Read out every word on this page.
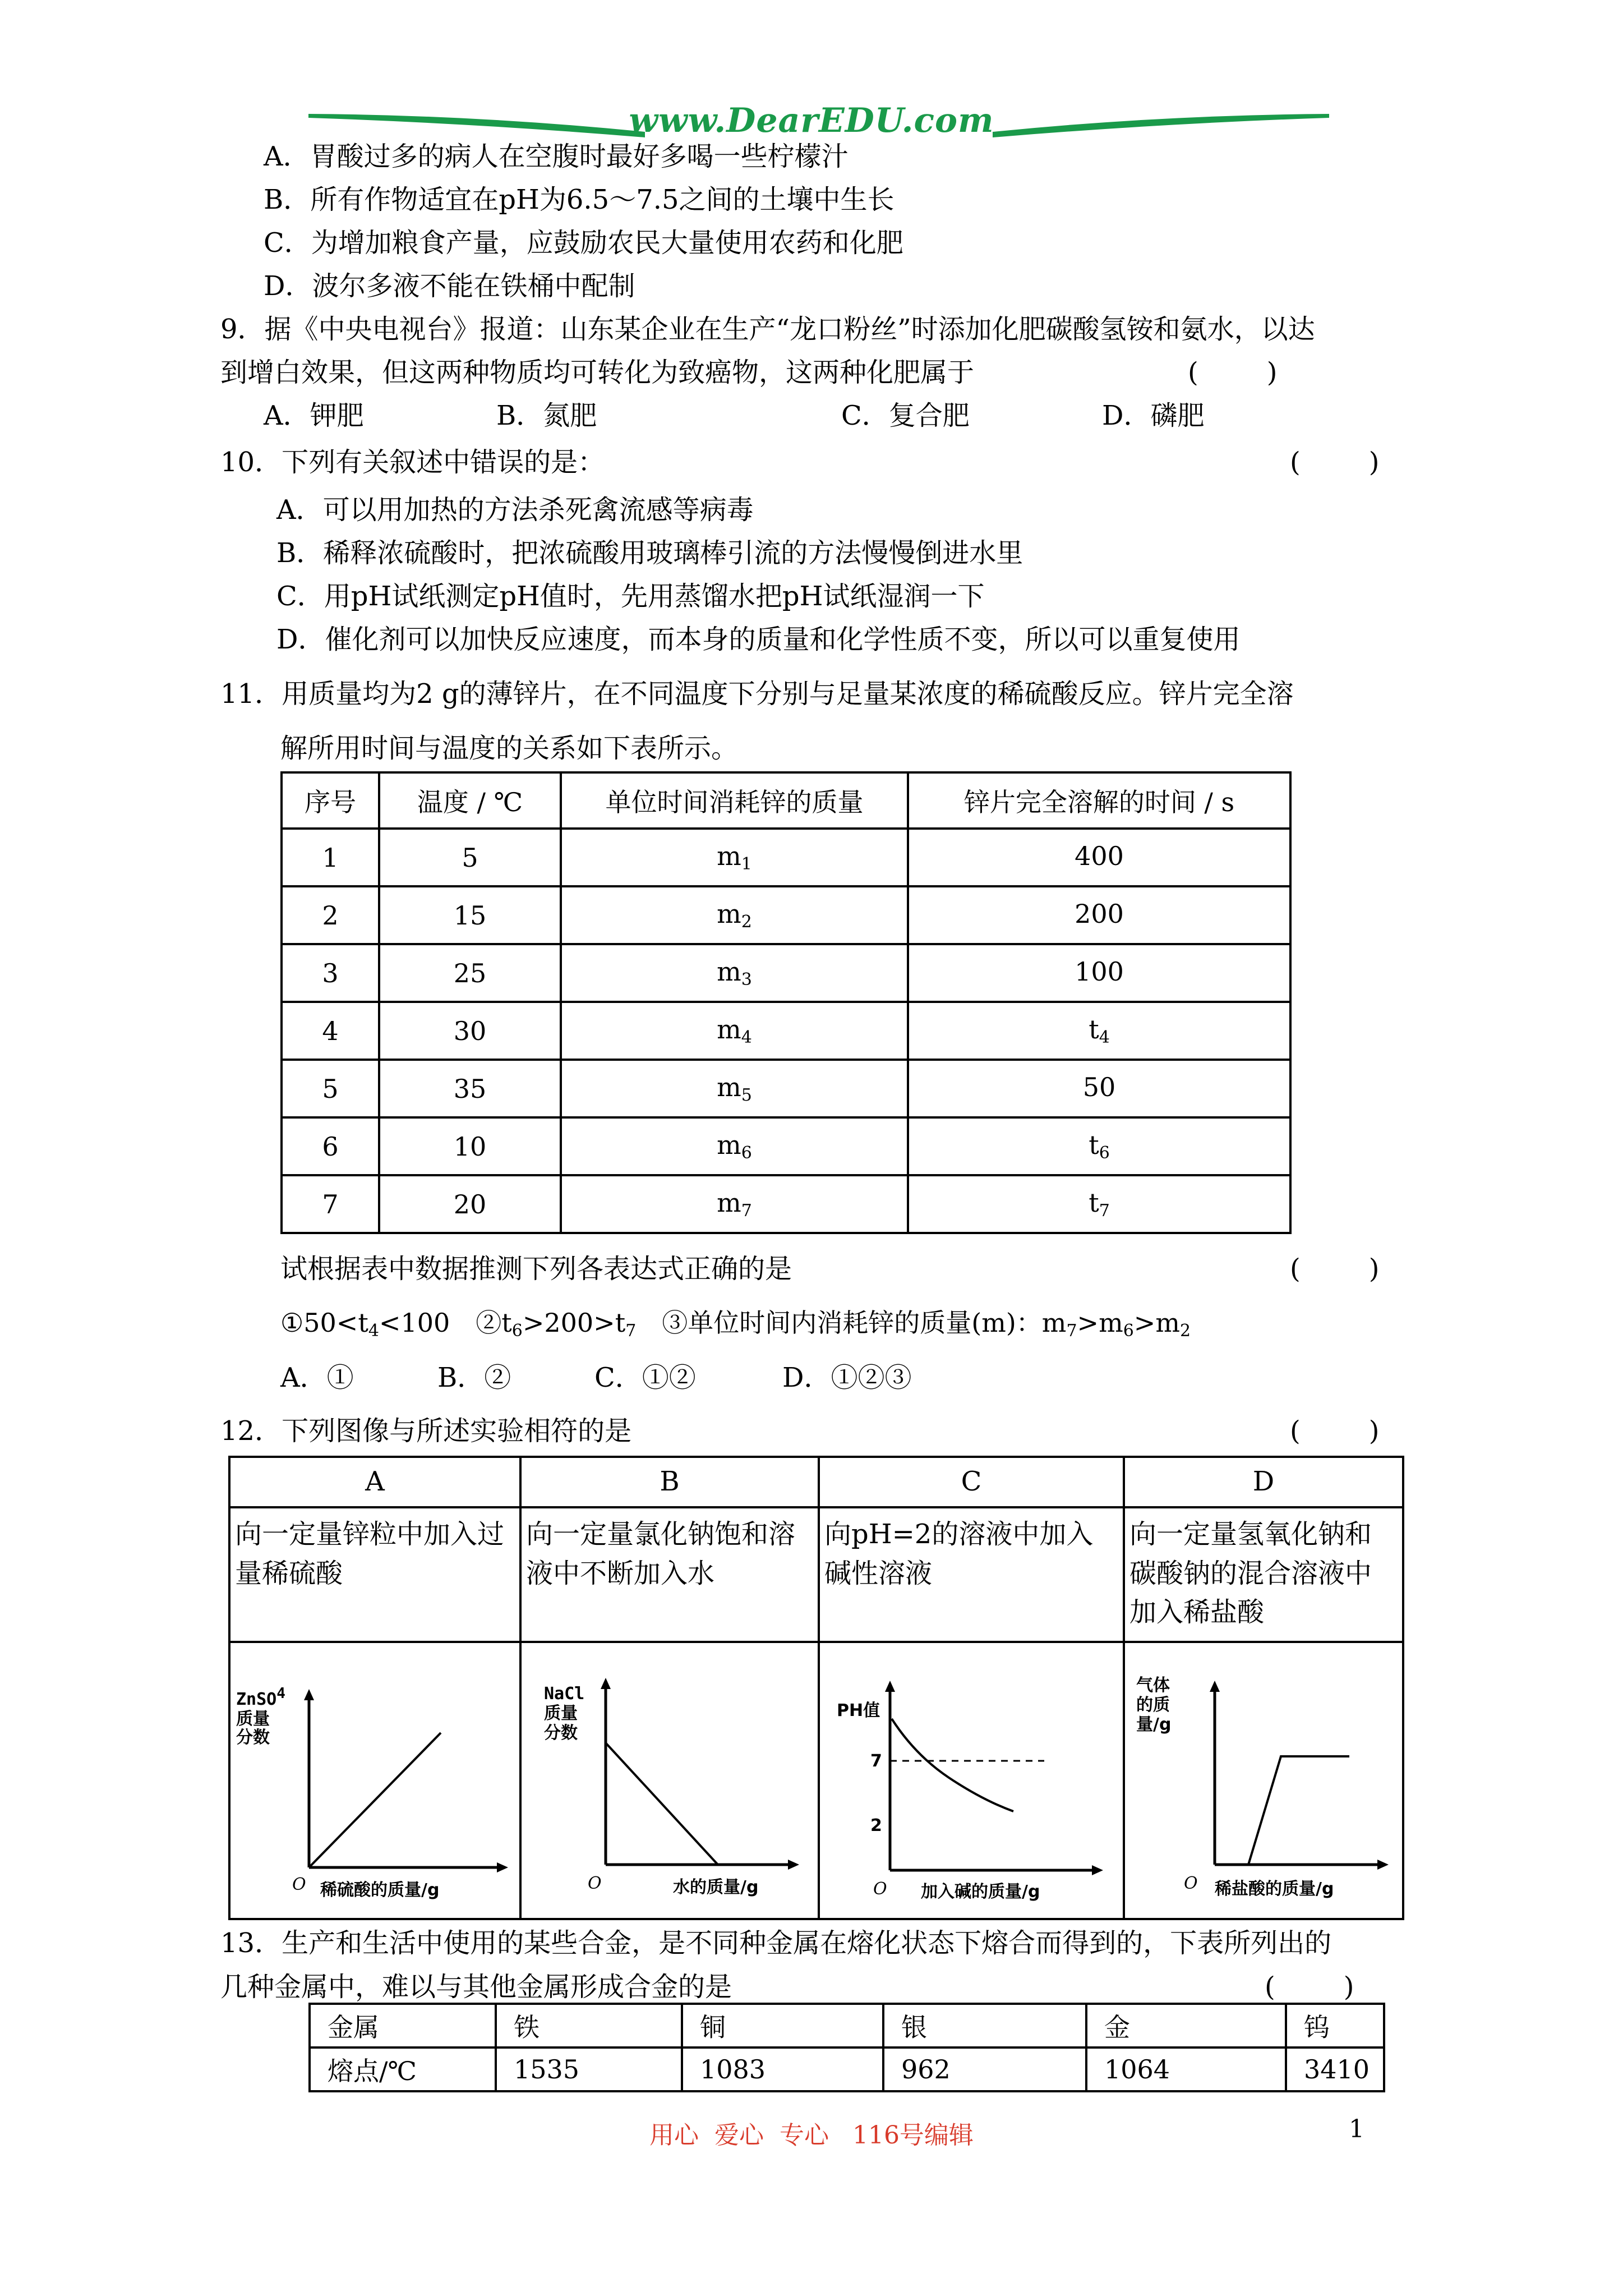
www.DearEDU.com
A．胃酸过多的病人在空腹时最好多喝一些柠檬汁
B．所有作物适宜在pH为6.5～7.5之间的土壤中生长
C．为增加粮食产量，应鼓励农民大量使用农药和化肥
D．波尔多液不能在铁桶中配制
9．据《中央电视台》报道：山东某企业在生产“龙口粉丝”时添加化肥碳酸氢铵和氨水，以达
到增白效果，但这两种物质均可转化为致癌物，这两种化肥属于	(        )
A．钾肥	B．氮肥	C．复合肥	D．磷肥
10．下列有关叙述中错误的是：	(        )
A．可以用加热的方法杀死禽流感等病毒
B．稀释浓硫酸时，把浓硫酸用玻璃棒引流的方法慢慢倒进水里
C．用pH试纸测定pH值时，先用蒸馏水把pH试纸湿润一下
D．催化剂可以加快反应速度，而本身的质量和化学性质不变，所以可以重复使用
11．用质量均为2 g的薄锌片，在不同温度下分别与足量某浓度的稀硫酸反应。锌片完全溶
解所用时间与温度的关系如下表所示。
序号	温度 / ℃	单位时间消耗锌的质量	锌片完全溶解的时间 / s
1	5	$m_1$	400
2	15	$m_2$	200
3	25	$m_3$	100
4	30	$m_4$	$t_4$
5	35	$m_5$	50
6	10	$m_6$	$t_6$
7	20	$m_7$	$t_7$
试根据表中数据推测下列各表达式正确的是	(        )
$①50<t_4<100$　$②t_6>200>t_7$　③单位时间内消耗锌的质量(m)：$m_7>m_6>m_2$
A．①	B．②	C．①②	D．①②③
12．下列图像与所述实验相符的是	(        )
A	B	C	D
向一定量锌粒中加入过量稀硫酸	向一定量氯化钠饱和溶液中不断加入水	向pH=2的溶液中加入碱性溶液	向一定量氢氧化钠和碳酸钠的混合溶液中加入稀盐酸

ZnSO4
质量
分数
O 稀硫酸的质量/g	NaCl
质量
分数
O 水的质量/g	PH值
7
2
O 加入碱的质量/g	气体
的质
量/g
O 稀盐酸的质量/g
13．生产和生活中使用的某些合金，是不同种金属在熔化状态下熔合而得到的，下表所列出的
几种金属中，难以与其他金属形成合金的是	(        )
金属	铁	铜	银	金	钨
熔点/℃	1535	1083	962	1064	3410
用心  爱心  专心   116号编辑	1
